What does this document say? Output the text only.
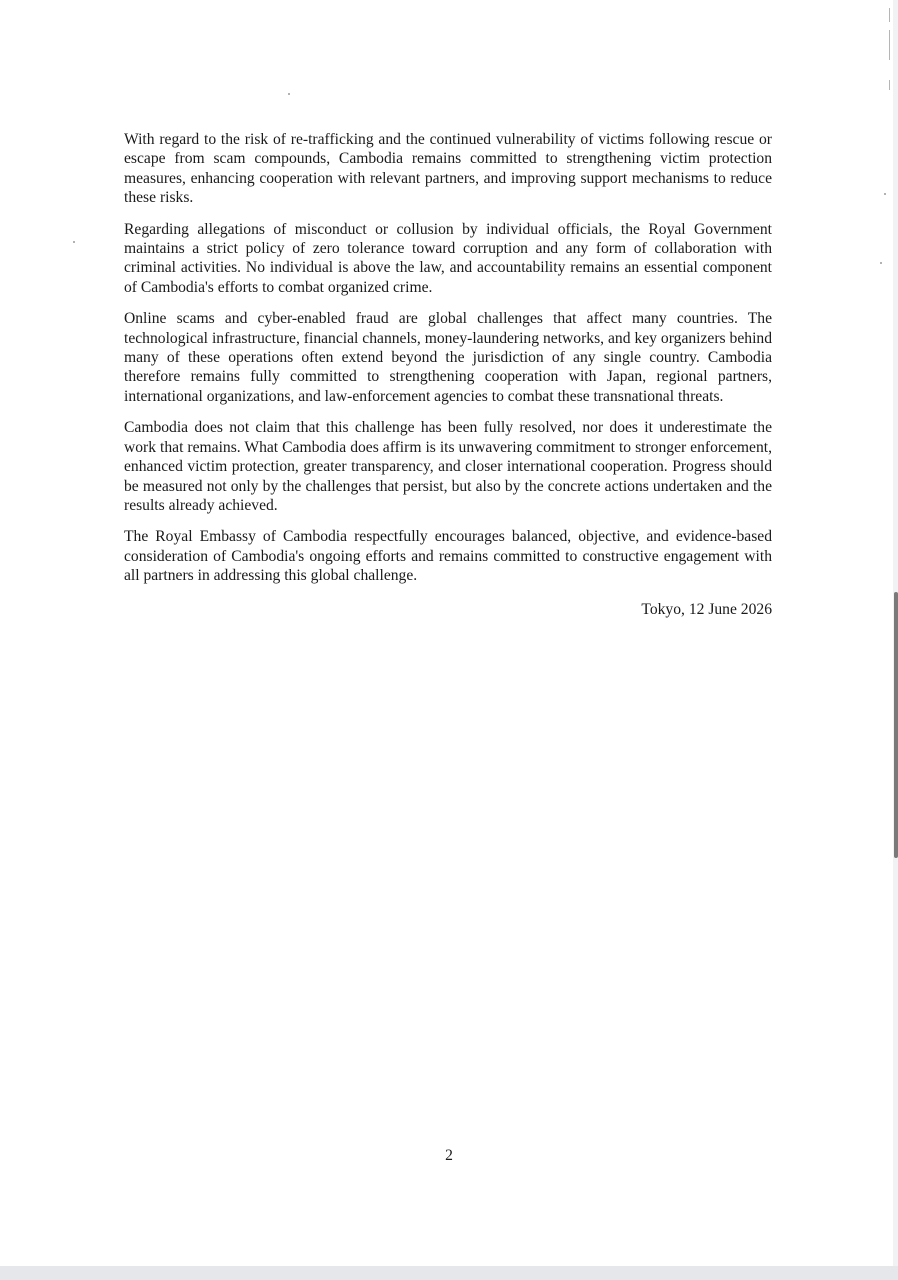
With regard to the risk of re-trafficking and the continued vulnerability of victims following rescue or escape from scam compounds, Cambodia remains committed to strengthening victim protection measures, enhancing cooperation with relevant partners, and improving support mechanisms to reduce these risks.

Regarding allegations of misconduct or collusion by individual officials, the Royal Government maintains a strict policy of zero tolerance toward corruption and any form of collaboration with criminal activities. No individual is above the law, and accountability remains an essential component of Cambodia's efforts to combat organized crime.

Online scams and cyber-enabled fraud are global challenges that affect many countries. The technological infrastructure, financial channels, money-laundering networks, and key organizers behind many of these operations often extend beyond the jurisdiction of any single country. Cambodia therefore remains fully committed to strengthening cooperation with Japan, regional partners, international organizations, and law-enforcement agencies to combat these transnational threats.

Cambodia does not claim that this challenge has been fully resolved, nor does it underestimate the work that remains. What Cambodia does affirm is its unwavering commitment to stronger enforcement, enhanced victim protection, greater transparency, and closer international cooperation. Progress should be measured not only by the challenges that persist, but also by the concrete actions undertaken and the results already achieved.

The Royal Embassy of Cambodia respectfully encourages balanced, objective, and evidence-based consideration of Cambodia's ongoing efforts and remains committed to constructive engagement with all partners in addressing this global challenge.

Tokyo, 12 June 2026

2
